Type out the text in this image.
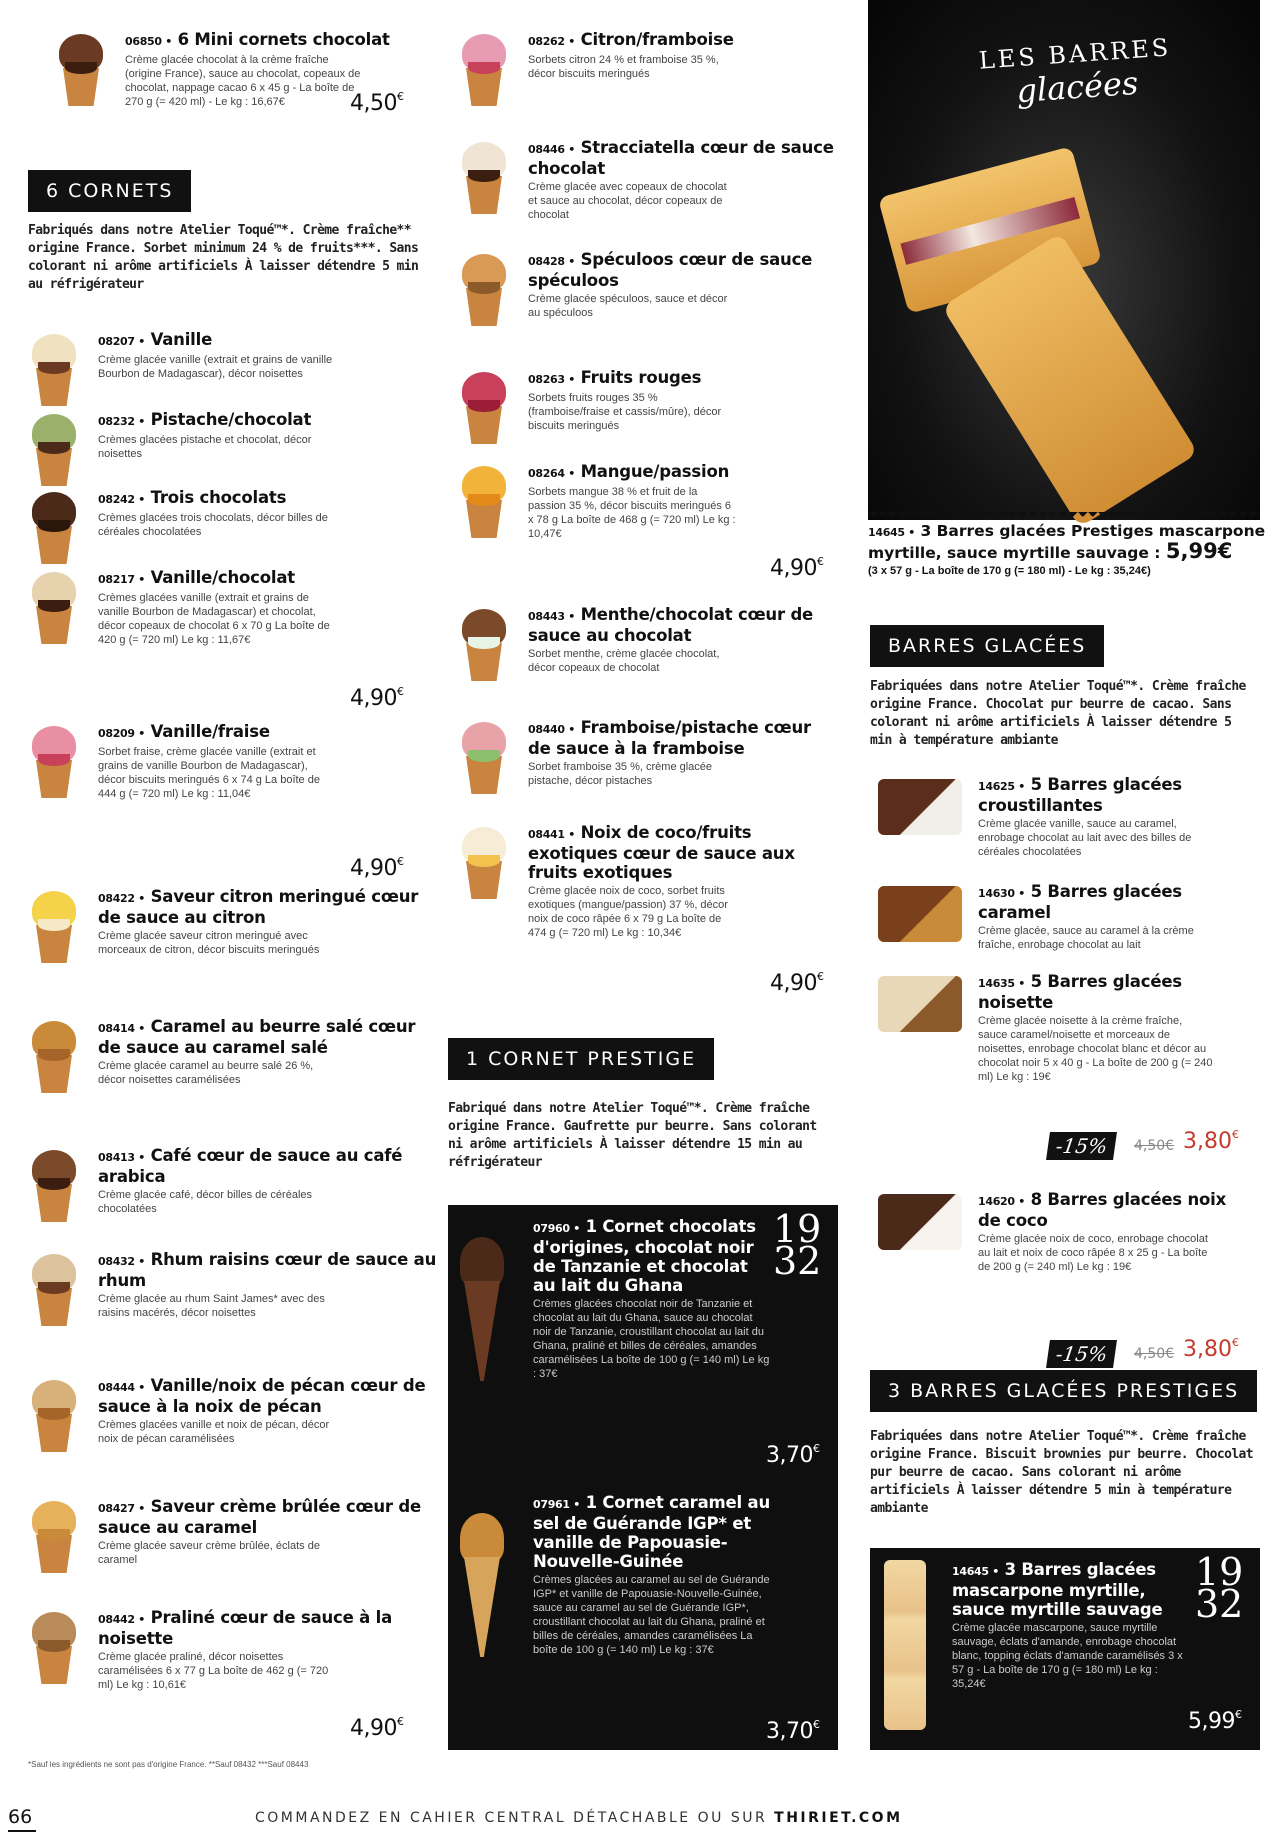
06850 • 6 Mini cornets chocolat
Crème glacée chocolat à la crème fraîche (origine France), sauce au chocolat, copeaux de chocolat, nappage cacao 6 x 45 g - La boîte de 270 g (= 420 ml) - Le kg : 16,67€	4,50€
08207 • Vanille
Crème glacée vanille (extrait et grains de vanille Bourbon de Madagascar), décor noisettes
08232 • Pistache/chocolat
Crèmes glacées pistache et chocolat, décor noisettes
08242 • Trois chocolats
Crèmes glacées trois chocolats, décor billes de céréales chocolatées
08217 • Vanille/chocolat
Crèmes glacées vanille (extrait et grains de vanille Bourbon de Madagascar) et chocolat, décor copeaux de chocolat 6 x 70 g La boîte de 420 g (= 720 ml) Le kg : 11,67€
4,90€
08209 • Vanille/fraise
Sorbet fraise, crème glacée vanille (extrait et grains de vanille Bourbon de Madagascar), décor biscuits meringués 6 x 74 g La boîte de 444 g (= 720 ml) Le kg : 11,04€
4,90€
08422 • Saveur citron meringué cœur de sauce au citron
Crème glacée saveur citron meringué avec morceaux de citron, décor biscuits meringués
08414 • Caramel au beurre salé cœur de sauce au caramel salé
Crème glacée caramel au beurre salé 26 %, décor noisettes caramélisées
08413 • Café cœur de sauce au café arabica
Crème glacée café, décor billes de céréales chocolatées
08432 • Rhum raisins cœur de sauce au rhum
Crème glacée au rhum Saint James* avec des raisins macérés, décor noisettes
08444 • Vanille/noix de pécan cœur de sauce à la noix de pécan
Crèmes glacées vanille et noix de pécan, décor noix de pécan caramélisées
08427 • Saveur crème brûlée cœur de sauce au caramel
Crème glacée saveur crème brûlée, éclats de caramel
08442 • Praliné cœur de sauce à la noisette
Crème glacée praliné, décor noisettes caramélisées 6 x 77 g La boîte de 462 g (= 720 ml) Le kg : 10,61€
4,90€
6 CORNETS
Fabriqués dans notre Atelier Toqué™*. Crème fraîche** origine France. Sorbet minimum 24 % de fruits***. Sans colorant ni arôme artificiels À laisser détendre 5 min au réfrigérateur
08262 • Citron/framboise
Sorbets citron 24 % et framboise 35 %, décor biscuits meringués
08446 • Stracciatella cœur de sauce chocolat
Crème glacée avec copeaux de chocolat et sauce au chocolat, décor copeaux de chocolat
08428 • Spéculoos cœur de sauce spéculoos
Crème glacée spéculoos, sauce et décor au spéculoos
08263 • Fruits rouges
Sorbets fruits rouges 35 % (framboise/fraise et cassis/mûre), décor biscuits meringués
08264 • Mangue/passion
Sorbets mangue 38 % et fruit de la passion 35 %, décor biscuits meringués 6 x 78 g La boîte de 468 g (= 720 ml) Le kg : 10,47€
4,90€
08443 • Menthe/chocolat cœur de sauce au chocolat
Sorbet menthe, crème glacée chocolat, décor copeaux de chocolat
08440 • Framboise/pistache cœur de sauce à la framboise
Sorbet framboise 35 %, crème glacée pistache, décor pistaches
08441 • Noix de coco/fruits exotiques cœur de sauce aux fruits exotiques
Crème glacée noix de coco, sorbet fruits exotiques (mangue/passion) 37 %, décor noix de coco râpée 6 x 79 g La boîte de 474 g (= 720 ml) Le kg : 10,34€
4,90€
1 CORNET PRESTIGE
Fabriqué dans notre Atelier Toqué™*. Crème fraîche origine France. Gaufrette pur beurre. Sans colorant ni arôme artificiels À laisser détendre 15 min au réfrigérateur
19
32
07960 • 1 Cornet chocolats d'origines, chocolat noir de Tanzanie et chocolat au lait du Ghana
Crèmes glacées chocolat noir de Tanzanie et chocolat au lait du Ghana, sauce au chocolat noir de Tanzanie, croustillant chocolat au lait du Ghana, praliné et billes de céréales, amandes caramélisées La boîte de 100 g (= 140 ml) Le kg : 37€
3,70€
07961 • 1 Cornet caramel au sel de Guérande IGP* et vanille de Papouasie-Nouvelle-Guinée
Crèmes glacées au caramel au sel de Guérande IGP* et vanille de Papouasie-Nouvelle-Guinée, sauce au caramel au sel de Guérande IGP*, croustillant chocolat au lait du Ghana, praliné et billes de céréales, amandes caramélisées La boîte de 100 g (= 140 ml) Le kg : 37€
3,70€
LES BARRES
glacées
14645 • 3 Barres glacées Prestiges mascarpone myrtille, sauce myrtille sauvage : 5,99€
(3 x 57 g - La boîte de 170 g (= 180 ml) - Le kg : 35,24€)
BARRES GLACÉES
Fabriquées dans notre Atelier Toqué™*. Crème fraîche origine France. Chocolat pur beurre de cacao. Sans colorant ni arôme artificiels À laisser détendre 5 min à température ambiante
14625 • 5 Barres glacées croustillantes
Crème glacée vanille, sauce au caramel, enrobage chocolat au lait avec des billes de céréales chocolatées
14630 • 5 Barres glacées caramel
Crème glacée, sauce au caramel à la crème fraîche, enrobage chocolat au lait
14635 • 5 Barres glacées noisette
Crème glacée noisette à la crème fraîche, sauce caramel/noisette et morceaux de noisettes, enrobage chocolat blanc et décor au chocolat noir 5 x 40 g - La boîte de 200 g (= 240 ml) Le kg : 19€
-15%	4,50€ 3,80€
14620 • 8 Barres glacées noix de coco
Crème glacée noix de coco, enrobage chocolat au lait et noix de coco râpée 8 x 25 g - La boîte de 200 g (= 240 ml) Le kg : 19€
-15%	4,50€ 3,80€
3 BARRES GLACÉES PRESTIGES
Fabriquées dans notre Atelier Toqué™*. Crème fraîche origine France. Biscuit brownies pur beurre. Chocolat pur beurre de cacao. Sans colorant ni arôme artificiels À laisser détendre 5 min à température ambiante
19
32
14645 • 3 Barres glacées mascarpone myrtille, sauce myrtille sauvage
Crème glacée mascarpone, sauce myrtille sauvage, éclats d'amande, enrobage chocolat blanc, topping éclats d'amande caramélisés 3 x 57 g - La boîte de 170 g (= 180 ml) Le kg : 35,24€
5,99€
*Sauf les ingrédients ne sont pas d'origine France. **Sauf 08432 ***Sauf 08443
66	COMMANDEZ EN CAHIER CENTRAL DÉTACHABLE OU SUR THIRIET.COM
